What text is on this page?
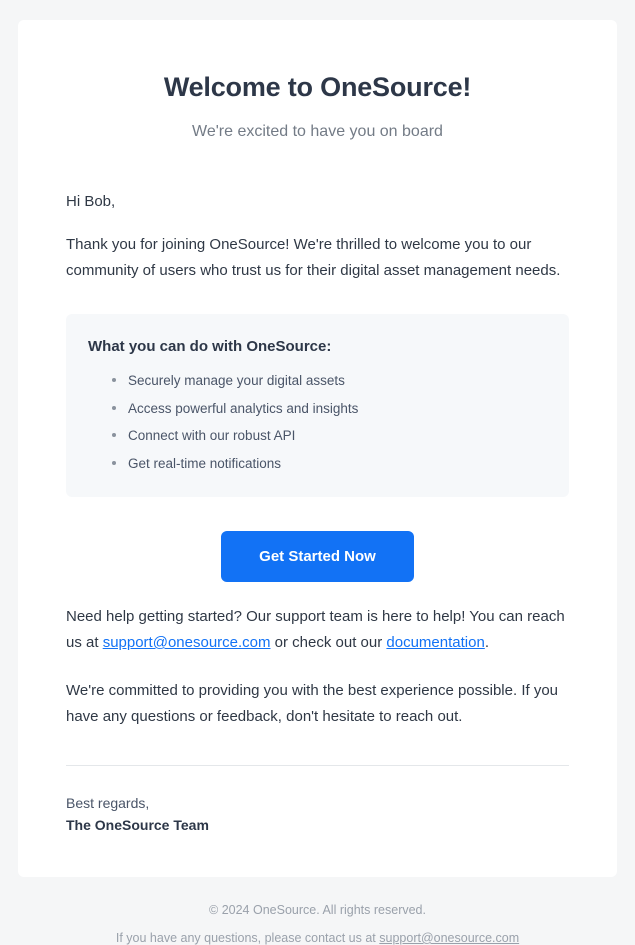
Welcome to OneSource!

We're excited to have you on board

Hi Bob,

Thank you for joining OneSource! We're thrilled to welcome you to our community of users who trust us for their digital asset management needs.

What you can do with OneSource:

Securely manage your digital assets
Access powerful analytics and insights
Connect with our robust API
Get real-time notifications
Get Started Now

Need help getting started? Our support team is here to help! You can reach us at support@onesource.com or check out our documentation.

We're committed to providing you with the best experience possible. If you have any questions or feedback, don't hesitate to reach out.

Best regards,

The OneSource Team

© 2024 OneSource. All rights reserved.

If you have any questions, please contact us at support@onesource.com
